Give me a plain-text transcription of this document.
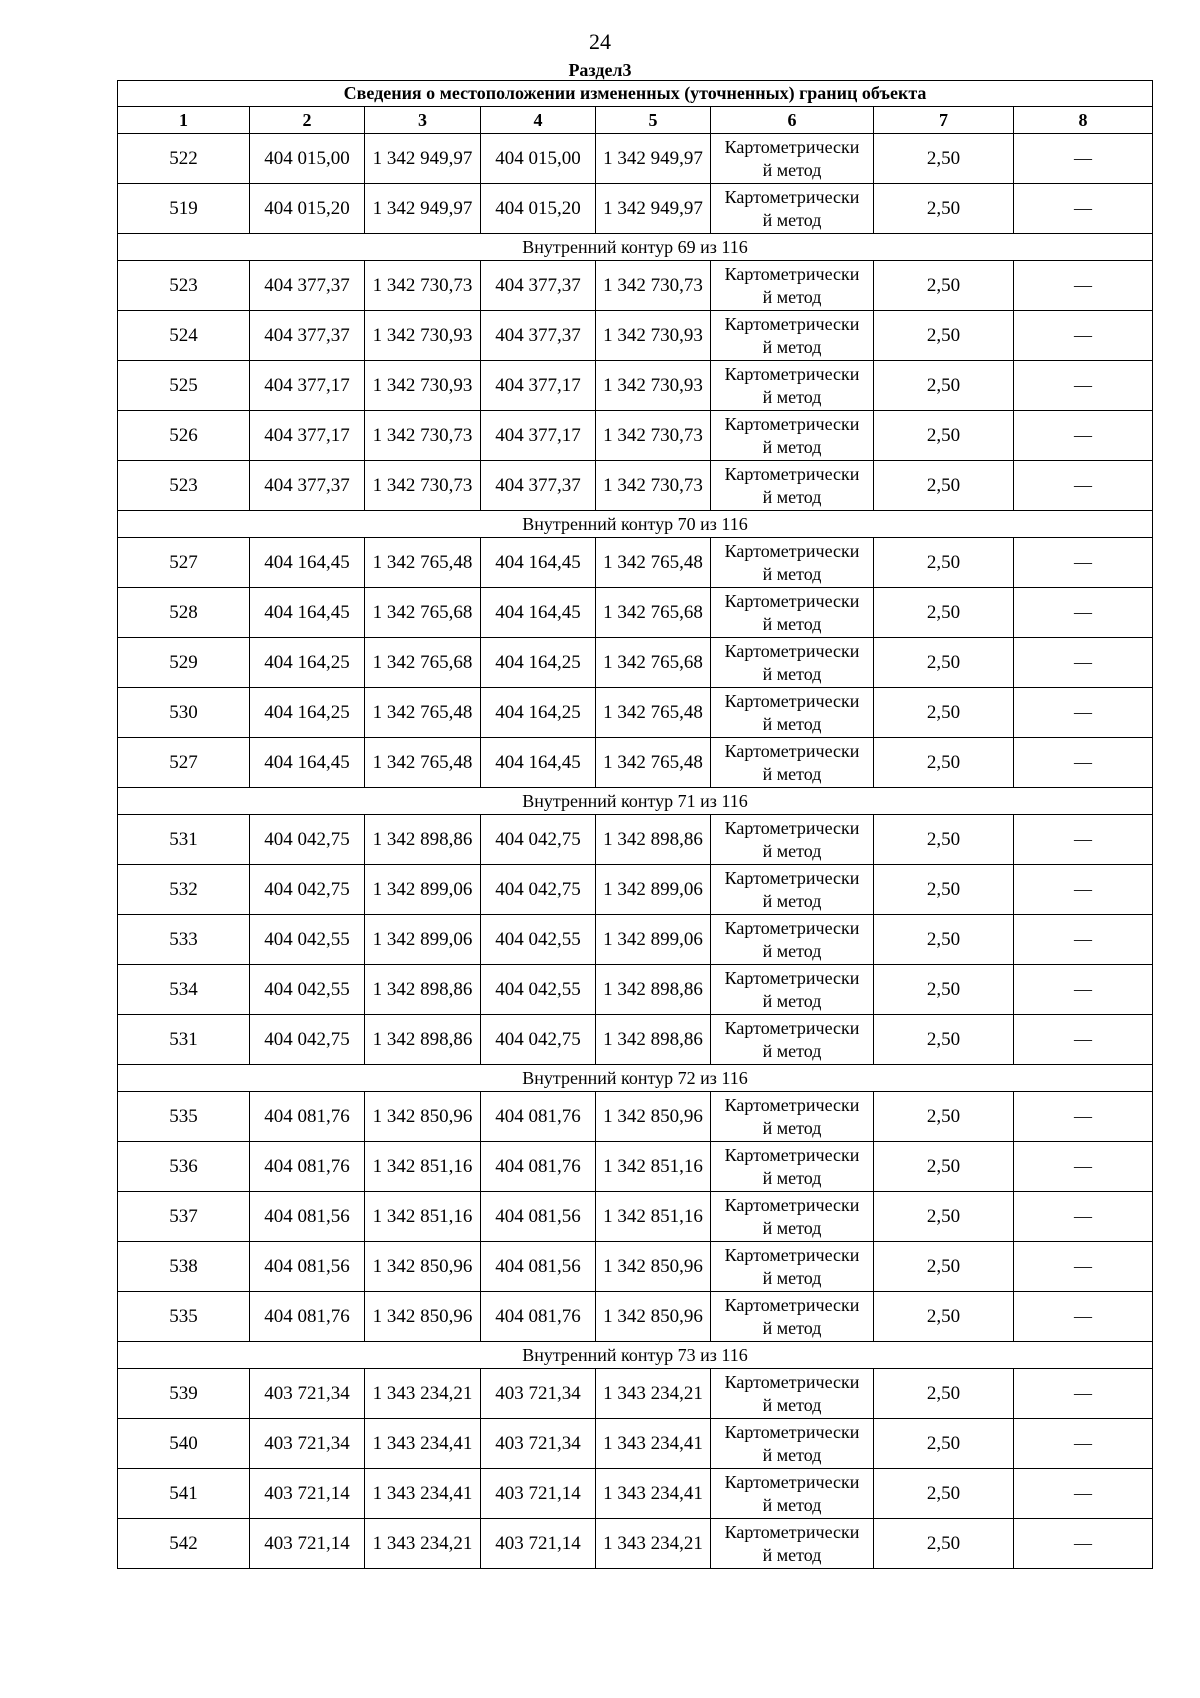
24
Раздел3
Сведения о местоположении измененных (уточненных) границ объекта							
1	2	3	4	5	6	7	8
522	404 015,00	1 342 949,97	404 015,00	1 342 949,97	Картометрически
й метод	2,50	—
519	404 015,20	1 342 949,97	404 015,20	1 342 949,97	Картометрически
й метод	2,50	—
Внутренний контур 69 из 116							
523	404 377,37	1 342 730,73	404 377,37	1 342 730,73	Картометрически
й метод	2,50	—
524	404 377,37	1 342 730,93	404 377,37	1 342 730,93	Картометрически
й метод	2,50	—
525	404 377,17	1 342 730,93	404 377,17	1 342 730,93	Картометрически
й метод	2,50	—
526	404 377,17	1 342 730,73	404 377,17	1 342 730,73	Картометрически
й метод	2,50	—
523	404 377,37	1 342 730,73	404 377,37	1 342 730,73	Картометрически
й метод	2,50	—
Внутренний контур 70 из 116							
527	404 164,45	1 342 765,48	404 164,45	1 342 765,48	Картометрически
й метод	2,50	—
528	404 164,45	1 342 765,68	404 164,45	1 342 765,68	Картометрически
й метод	2,50	—
529	404 164,25	1 342 765,68	404 164,25	1 342 765,68	Картометрически
й метод	2,50	—
530	404 164,25	1 342 765,48	404 164,25	1 342 765,48	Картометрически
й метод	2,50	—
527	404 164,45	1 342 765,48	404 164,45	1 342 765,48	Картометрически
й метод	2,50	—
Внутренний контур 71 из 116							
531	404 042,75	1 342 898,86	404 042,75	1 342 898,86	Картометрически
й метод	2,50	—
532	404 042,75	1 342 899,06	404 042,75	1 342 899,06	Картометрически
й метод	2,50	—
533	404 042,55	1 342 899,06	404 042,55	1 342 899,06	Картометрически
й метод	2,50	—
534	404 042,55	1 342 898,86	404 042,55	1 342 898,86	Картометрически
й метод	2,50	—
531	404 042,75	1 342 898,86	404 042,75	1 342 898,86	Картометрически
й метод	2,50	—
Внутренний контур 72 из 116							
535	404 081,76	1 342 850,96	404 081,76	1 342 850,96	Картометрически
й метод	2,50	—
536	404 081,76	1 342 851,16	404 081,76	1 342 851,16	Картометрически
й метод	2,50	—
537	404 081,56	1 342 851,16	404 081,56	1 342 851,16	Картометрически
й метод	2,50	—
538	404 081,56	1 342 850,96	404 081,56	1 342 850,96	Картометрически
й метод	2,50	—
535	404 081,76	1 342 850,96	404 081,76	1 342 850,96	Картометрически
й метод	2,50	—
Внутренний контур 73 из 116							
539	403 721,34	1 343 234,21	403 721,34	1 343 234,21	Картометрически
й метод	2,50	—
540	403 721,34	1 343 234,41	403 721,34	1 343 234,41	Картометрически
й метод	2,50	—
541	403 721,14	1 343 234,41	403 721,14	1 343 234,41	Картометрически
й метод	2,50	—
542	403 721,14	1 343 234,21	403 721,14	1 343 234,21	Картометрически
й метод	2,50	—
